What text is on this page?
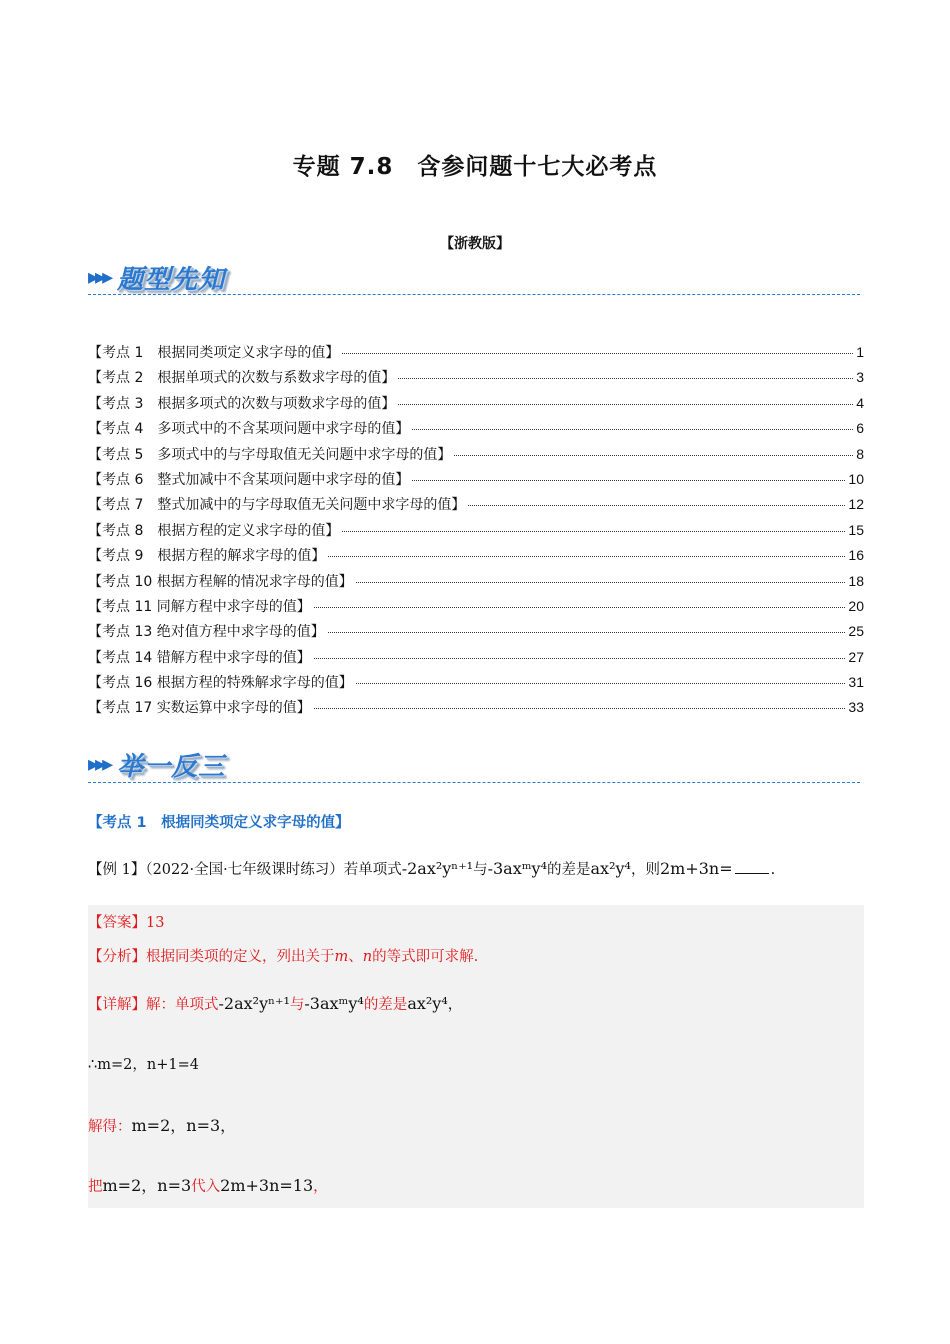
专题 7.8　含参问题十七大必考点
【浙教版】
▸▸▸ 题型先知
【考点 1　根据同类项定义求字母的值】	1
【考点 2　根据单项式的次数与系数求字母的值】	3
【考点 3　根据多项式的次数与项数求字母的值】	4
【考点 4　多项式中的不含某项问题中求字母的值】	6
【考点 5　多项式中的与字母取值无关问题中求字母的值】	8
【考点 6　整式加减中不含某项问题中求字母的值】	10
【考点 7　整式加减中的与字母取值无关问题中求字母的值】	12
【考点 8　根据方程的定义求字母的值】	15
【考点 9　根据方程的解求字母的值】	16
【考点 10 根据方程解的情况求字母的值】	18
【考点 11 同解方程中求字母的值】	20
【考点 13 绝对值方程中求字母的值】	25
【考点 14 错解方程中求字母的值】	27
【考点 16 根据方程的特殊解求字母的值】	31
【考点 17 实数运算中求字母的值】	33
▸▸▸ 举一反三
【考点 1　根据同类项定义求字母的值】
【例 1】（2022·全国·七年级课时练习）若单项式-2ax²yⁿ⁺¹与-3axᵐy⁴的差是ax²y⁴，则2m+3n=	.
【答案】13
【分析】根据同类项的定义，列出关于m、n的等式即可求解.
【详解】解：单项式-2ax²yⁿ⁺¹与-3axᵐy⁴的差是ax²y⁴，
∴m=2，n+1=4
解得：m=2，n=3，
把m=2，n=3代入2m+3n=13，
